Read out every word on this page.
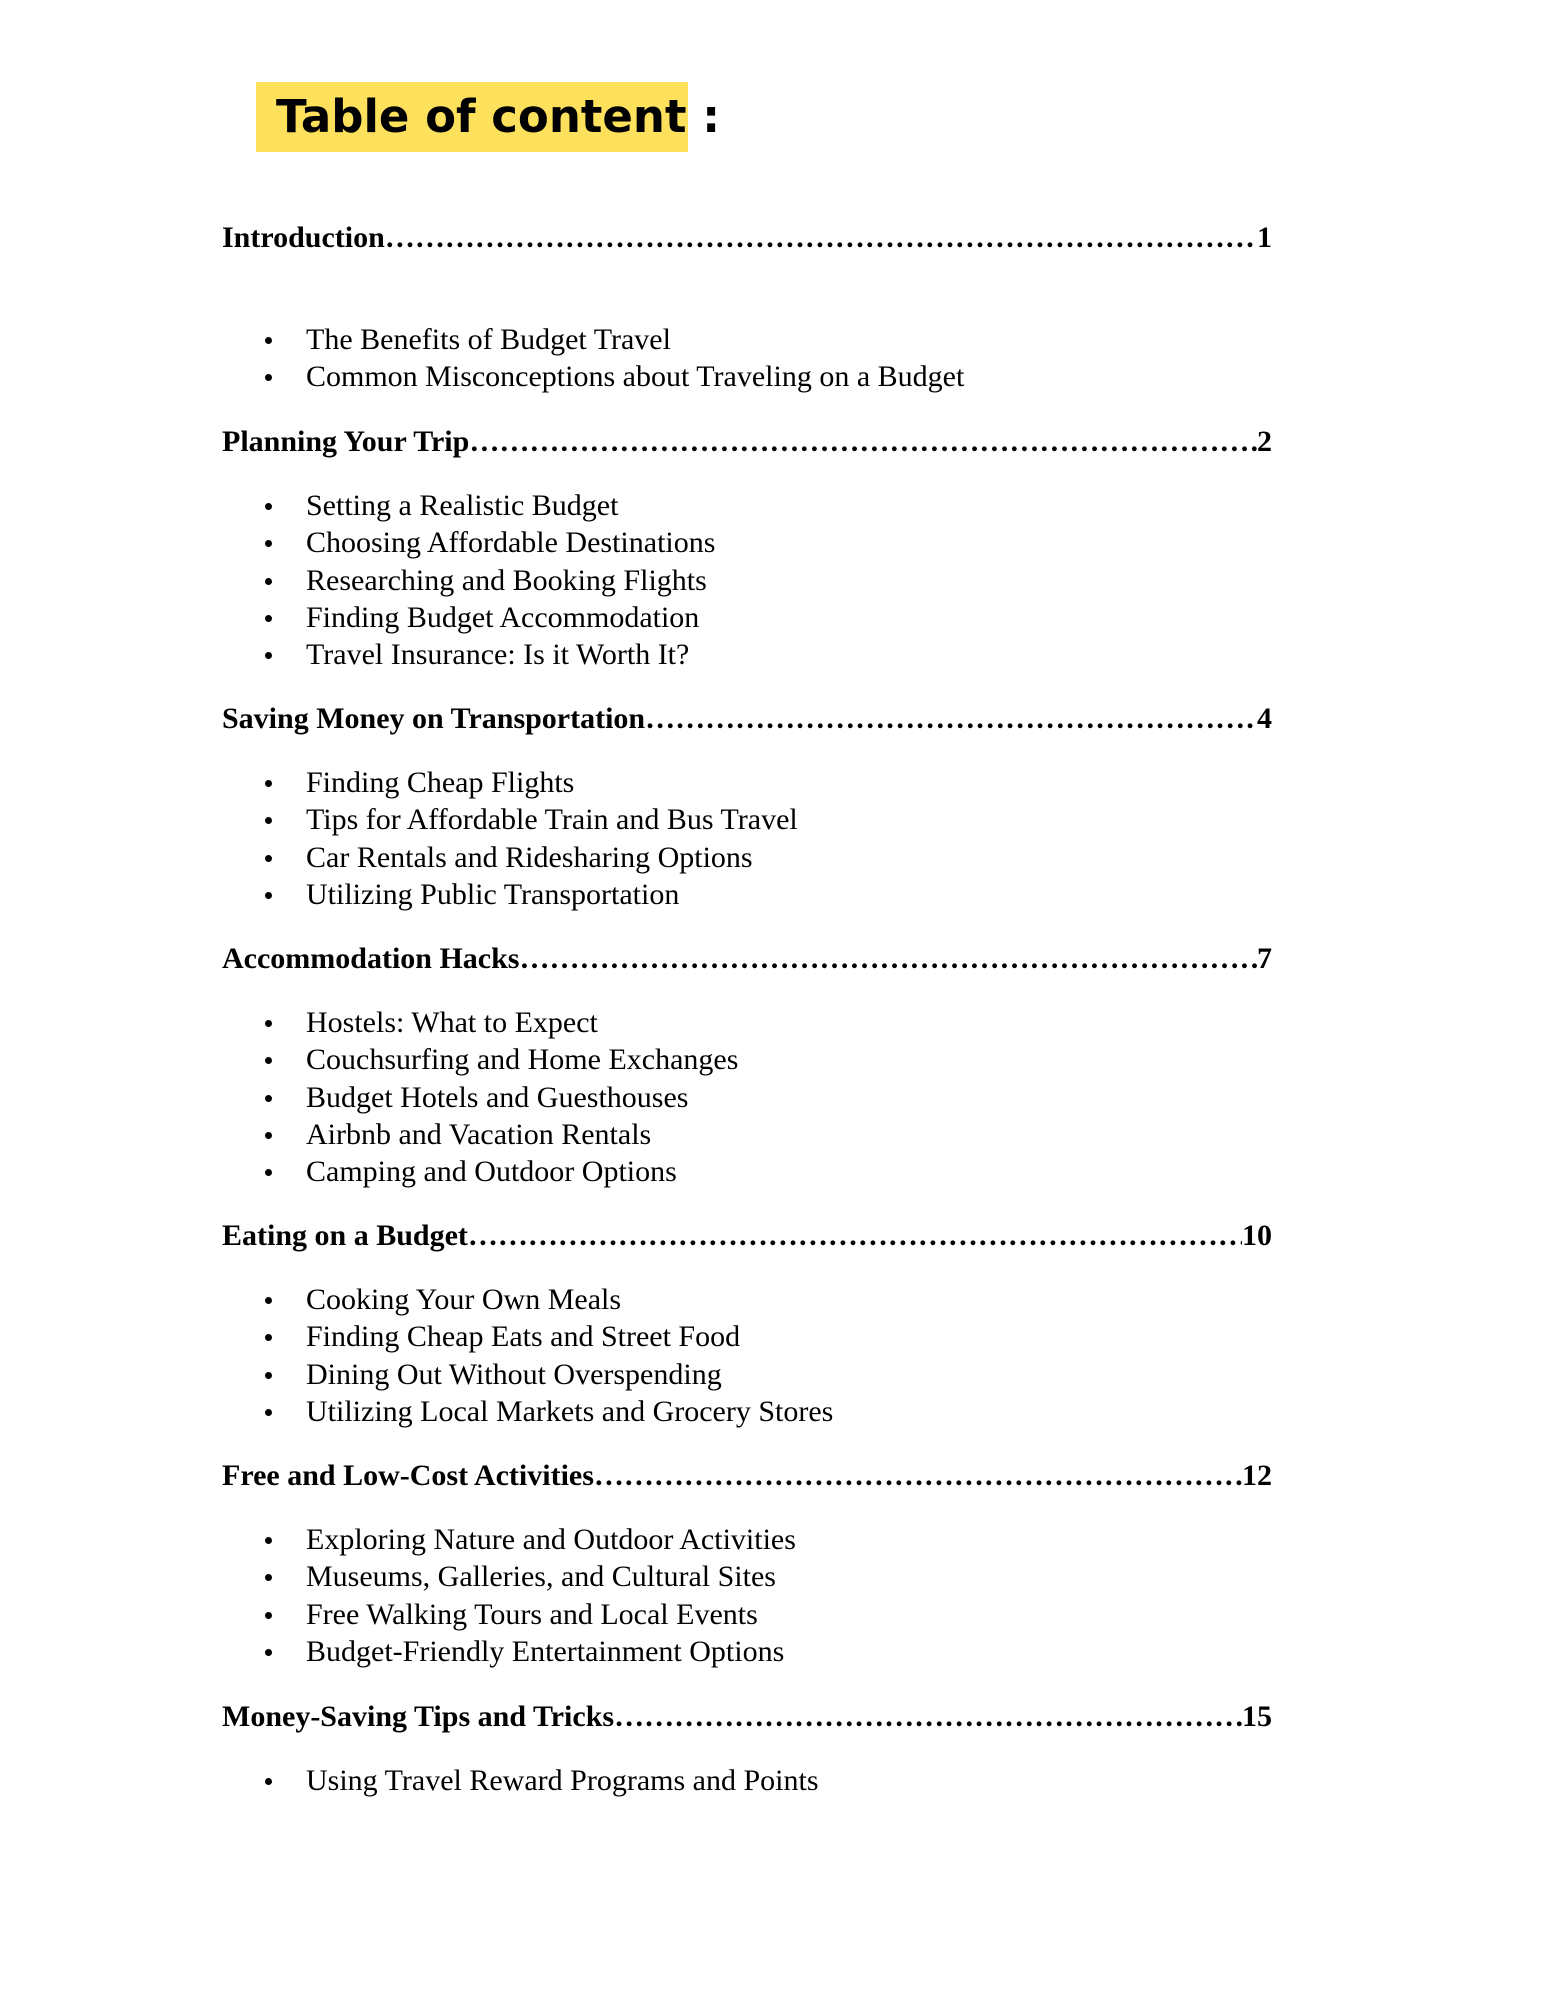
Table of content :
Introduction …………………………………………………………………………………………………………………………………………………………………………………………………	1
The Benefits of Budget Travel
Common Misconceptions about Traveling on a Budget
Planning Your Trip …………………………………………………………………………………………………………………………………………………………………………………………………	2
Setting a Realistic Budget
Choosing Affordable Destinations
Researching and Booking Flights
Finding Budget Accommodation
Travel Insurance: Is it Worth It?
Saving Money on Transportation …………………………………………………………………………………………………………………………………………………………………………………………………	4
Finding Cheap Flights
Tips for Affordable Train and Bus Travel
Car Rentals and Ridesharing Options
Utilizing Public Transportation
Accommodation Hacks …………………………………………………………………………………………………………………………………………………………………………………………………	7
Hostels: What to Expect
Couchsurfing and Home Exchanges
Budget Hotels and Guesthouses
Airbnb and Vacation Rentals
Camping and Outdoor Options
Eating on a Budget …………………………………………………………………………………………………………………………………………………………………………………………………	10
Cooking Your Own Meals
Finding Cheap Eats and Street Food
Dining Out Without Overspending
Utilizing Local Markets and Grocery Stores
Free and Low-Cost Activities …………………………………………………………………………………………………………………………………………………………………………………………………	12
Exploring Nature and Outdoor Activities
Museums, Galleries, and Cultural Sites
Free Walking Tours and Local Events
Budget-Friendly Entertainment Options
Money-Saving Tips and Tricks …………………………………………………………………………………………………………………………………………………………………………………………………	15
Using Travel Reward Programs and Points
